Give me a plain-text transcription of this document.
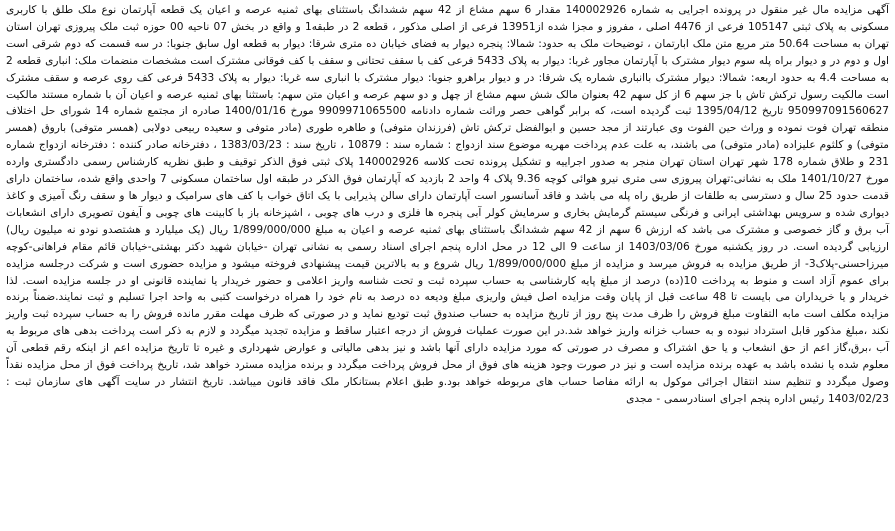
آگهی مزایده مال غیر منقول در پرونده اجرایی به شماره 140002926 مقدار 6 سهم مشاع از 42 سهم ششدانگ باستثنای بهای ثمنیه عرصه و اعیان یک قطعه آپارتمان نوع ملک طلق با کاربری مسکونی به پلاک ثبتی 105147 فرعی از 4476 اصلی ، مفروز و مجزا شده از13951 فرعی از اصلی مذکور ، قطعه 2 در طبقه1 و واقع در بخش 07 ناحیه 00 حوزه ثبت ملک پیروزی تهران استان تهران به مساحت 50.64 متر مربع متن ملک ابارتمان ، توضیحات ملک به حدود: شمالا: پنجره دیوار به فضای خیابان ده متری شرقا: دیوار به قطعه اول سابق جنوبا: در سه قسمت که دوم شرقی است اول و دوم در و دیوار براه پله سوم دیوار مشترک با آپارتمان مجاور غربا: دیوار به پلاک 5433 فرعی کف با سقف تحتانی و سقف با کف فوقانی مشترک است مشخصات منضمات ملک: انباری قطعه 2 به مساحت 4.4 به حدود اربعه: شمالا: دیوار مشترک باانباری شماره یک شرقا: در و دیوار براهرو جنوبا: دیوار مشترک با انباری سه غربا: دیوار به پلاک 5433 فرعی کف روی عرصه و سقف مشترک است مالکیت رسول ترکش تاش با جز سهم 6 از کل سهم 42 بعنوان مالک شش سهم مشاع از چهل و دو سهم عرصه و اعیان متن سهم: باستثنا بهای ثمنیه عرصه و اعیان آن با شماره مستند مالکیت 950997091560627 تاریخ 1395/04/12 ثبت گردیده است، که برابر گواهی حصر وراثت شماره دادنامه 9909971065500 مورخ 1400/01/16 صادره از مجتمع شماره 14 شورای حل اختلاف منطقه تهران فوت نموده و وراث حین الفوت وی عبارتند از مجد حسین و ابوالفضل ترکش تاش (فرزندان متوفی) و طاهره طوری (مادر متوفی و سعیده ربیعی دولابی (همسر متوفی) باروق (همسر متوفی) و کلثوم علیزاده (مادر متوفی) می باشند، به علت عدم پرداخت مهریه موضوع سند ازدواج : شماره سند : 10879 ، تاریخ سند : 1383/03/23 ، دفترخانه صادر کننده : دفترخانه ازدواج شماره 231 و طلاق شماره 178 شهر تهران استان تهران منجر به صدور اجراییه و تشکیل پرونده تحت کلاسه 140002926 پلاک ثبتی فوق الذکر توقیف و طبق نظریه کارشناس رسمی دادگستری وارده مورخ 1401/10/27 ملک به نشانی:تهران پیروزی سی متری نیرو هوائی کوچه 9.36 پلاک 4 واحد 2 بازدید که آپارتمان فوق الذکر در طبقه اول ساختمان مسکونی 7 واحدی واقع شده، ساختمان دارای قدمت حدود 25 سال و دسترسی به طلقات از طریق راه پله می باشد و فاقد آسانسور است آپارتمان دارای سالن پذیرایی با یک اتاق خواب با کف های سرامیک و دیوار ها و سقف رنگ آمیزی و کاغذ دیواری شده و سرویس بهداشتی ایرانی و فرنگی سیستم گرمایش بخاری و سرمایش کولر آبی پنجره ها فلزی و درب های چوبی ، اشپزخانه باز با کابینت های چوبی و آیفون تصویری دارای انشعابات آب برق و گاز خصوصی و مشترک می باشد که ارزش 6 سهم از 42 سهم ششدانگ باستثنای بهای ثمنیه عرصه و اعیان به مبلغ 1/899/000/000 ریال (یک میلیارد و هشتصدو نودو نه میلیون ریال) ارزیابی گردیده است. در روز یکشنبه مورخ 1403/03/06 از ساعت 9 الی 12 در محل اداره پنجم اجرای اسناد رسمی به نشانی تهران -خیابان شهید دکتر بهشتی-خیابان قائم مقام فراهانی-کوچه میرزاحسنی-پلاک3- از طریق مزایده به فروش میرسد و مزایده از مبلغ 1/899/000/000 ریال شروع و به بالاترین قیمت پیشنهادی فروخته میشود و مزایده حضوری است و شرکت درجلسه مزایده برای عموم آزاد است و منوط به پرداخت 10(ده) درصد از مبلغ پایه کارشناسی به حساب سپرده ثبت و تحت شناسه واریز اعلامی و حضور خریدار یا نماینده قانونی او در جلسه مزایده است. لذا خریدار و یا خریداران می بایست تا 48 ساعت قبل از پایان وقت مزایده اصل فیش واریزی مبلغ ودیعه ده درصد به نام خود را همراه درخواست کتبی به واحد اجرا تسلیم و ثبت نمایند.ضمناً برنده مزایده مکلف است مابه التفاوت مبلغ فروش را ظرف مدت پنج روز از تاریخ مزایده به حساب صندوق ثبت تودیع نماید و در صورتی که ظرف مهلت مقرر مانده فروش را به حساب سپرده ثبت واریز نکند ،مبلغ مذکور قابل استرداد نبوده و به حساب خزانه واریز خواهد شد.در این صورت عملیات فروش از درجه اعتبار ساقط و مزایده تجدید میگردد و لازم به ذکر است پرداخت بدهی های مربوط به آب ،برق،گاز اعم از حق انشعاب و یا حق اشتراک و مصرف در صورتی که مورد مزایده دارای آنها باشد و نیز بدهی مالیاتی و عوارض شهرداری و غیره تا تاریخ مزایده اعم از اینکه رقم قطعی آن معلوم شده یا نشده باشد به عهده برنده مزایده است و نیز در صورت وجود هزینه های فوق از محل فروش پرداخت میگردد و برنده مزایده مسترد خواهد شد، تاریخ پرداخت فوق از محل مزایده نقداً وصول میگردد و تنظیم سند انتقال اجرائی موکول به ارائه مفاصا حساب های مربوطه خواهد بود.و طبق اعلام بستانکار ملک فاقد قانون میباشد. تاریخ انتشار در سایت آگهی های سازمان ثبت : 1403/02/23 رئیس اداره پنجم اجرای اسنادرسمی - مجدی
